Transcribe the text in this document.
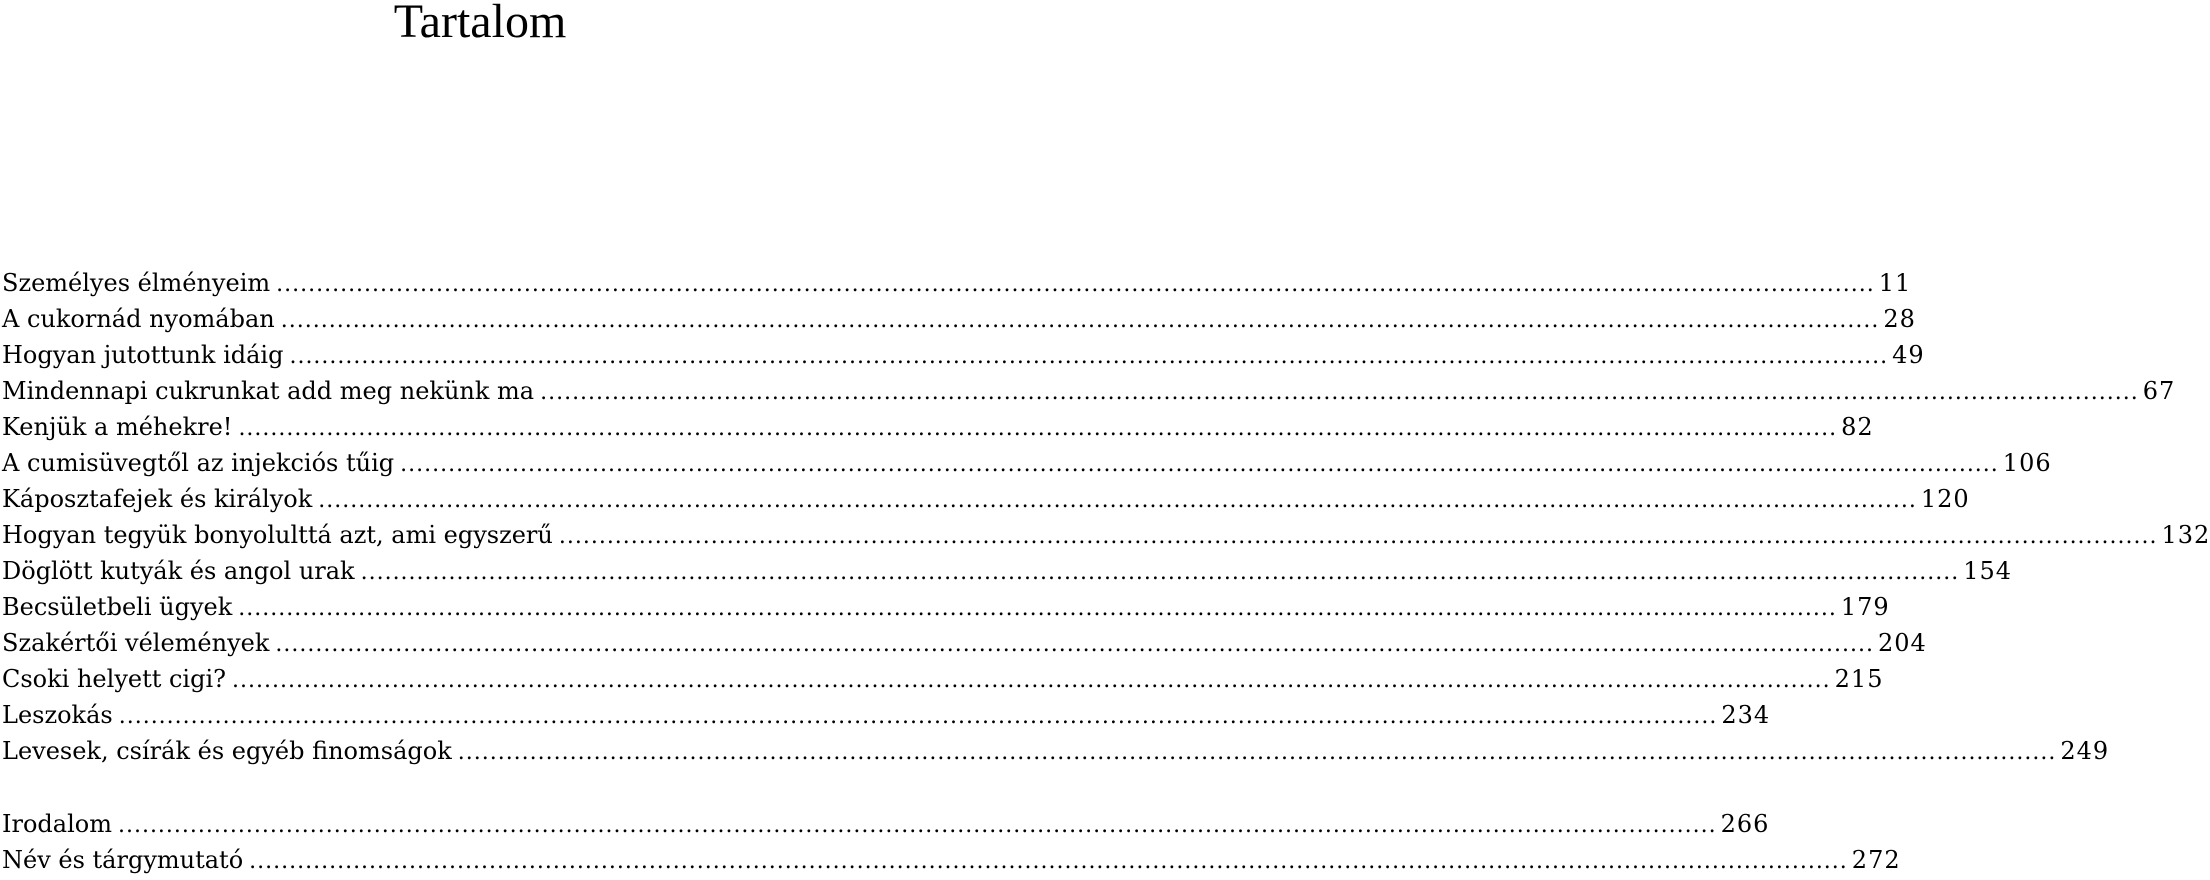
Tartalom
Személyes élményeim ........................................................................................................................................................................................................ 11
A cukornád nyomában ........................................................................................................................................................................................................ 28
Hogyan jutottunk idáig ........................................................................................................................................................................................................ 49
Mindennapi cukrunkat add meg nekünk ma ........................................................................................................................................................................................................ 67
Kenjük a méhekre! ........................................................................................................................................................................................................ 82
A cumisüvegtől az injekciós tűig ........................................................................................................................................................................................................ 106
Káposztafejek és királyok ........................................................................................................................................................................................................ 120
Hogyan tegyük bonyolulttá azt, ami egyszerű ........................................................................................................................................................................................................ 132
Döglött kutyák és angol urak ........................................................................................................................................................................................................ 154
Becsületbeli ügyek ........................................................................................................................................................................................................ 179
Szakértői vélemények ........................................................................................................................................................................................................ 204
Csoki helyett cigi? ........................................................................................................................................................................................................ 215
Leszokás ........................................................................................................................................................................................................ 234
Levesek, csírák és egyéb finomságok ........................................................................................................................................................................................................ 249
Irodalom ........................................................................................................................................................................................................ 266
Név és tárgymutató ........................................................................................................................................................................................................ 272
